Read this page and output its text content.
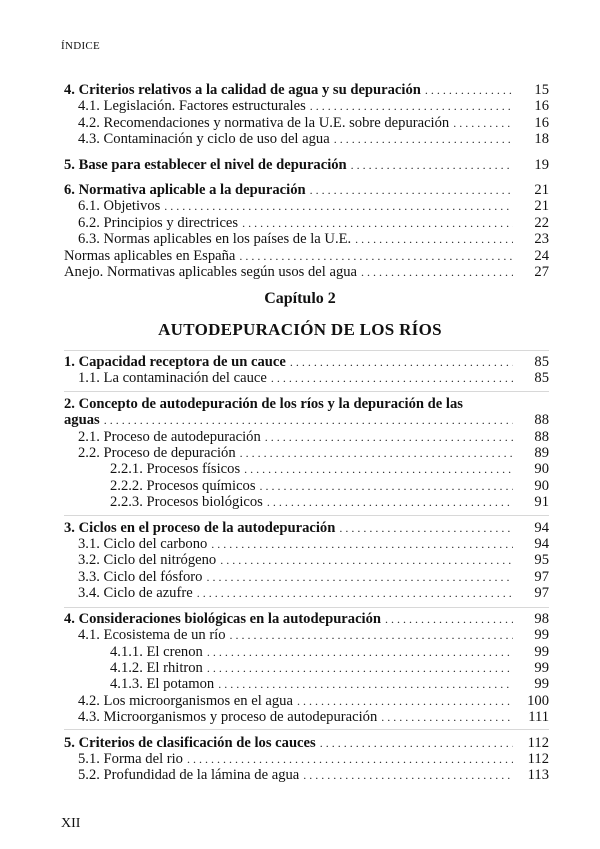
ÍNDICE
4. Criterios relativos a la calidad de agua y su depuración . . .	15
4.1. Legislación. Factores estructurales . . .	16
4.2. Recomendaciones y normativa de la U.E. sobre depuración . . .	16
4.3. Contaminación y ciclo de uso del agua . . .	18
5. Base para establecer el nivel de depuración . . .	19
6. Normativa aplicable a la depuración . . .	21
6.1. Objetivos . . .	21
6.2. Principios y directrices . . .	22
6.3. Normas aplicables en los países de la U.E. . . .	23
Normas aplicables en España . . .	24
Anejo. Normativas aplicables según usos del agua . . .	27
Capítulo 2
AUTODEPURACIÓN DE LOS RÍOS
1. Capacidad receptora de un cauce . . .	85
1.1. La contaminación del cauce . . .	85
2. Concepto de autodepuración de los ríos y la depuración de las
aguas . . .	88
2.1. Proceso de autodepuración . . .	88
2.2. Proceso de depuración . . .	89
2.2.1. Procesos físicos . . .	90
2.2.2. Procesos químicos . . .	90
2.2.3. Procesos biológicos . . .	91
3. Ciclos en el proceso de la autodepuración . . .	94
3.1. Ciclo del carbono . . .	94
3.2. Ciclo del nitrógeno . . .	95
3.3. Ciclo del fósforo . . .	97
3.4. Ciclo de azufre . . .	97
4. Consideraciones biológicas en la autodepuración . . .	98
4.1. Ecosistema de un río . . .	99
4.1.1. El crenon . . .	99
4.1.2. El rhitron . . .	99
4.1.3. El potamon . . .	99
4.2. Los microorganismos en el agua . . .	100
4.3. Microorganismos y proceso de autodepuración . . .	111
5. Criterios de clasificación de los cauces . . .	112
5.1. Forma del rio . . .	112
5.2. Profundidad de la lámina de agua . . .	113
XII
